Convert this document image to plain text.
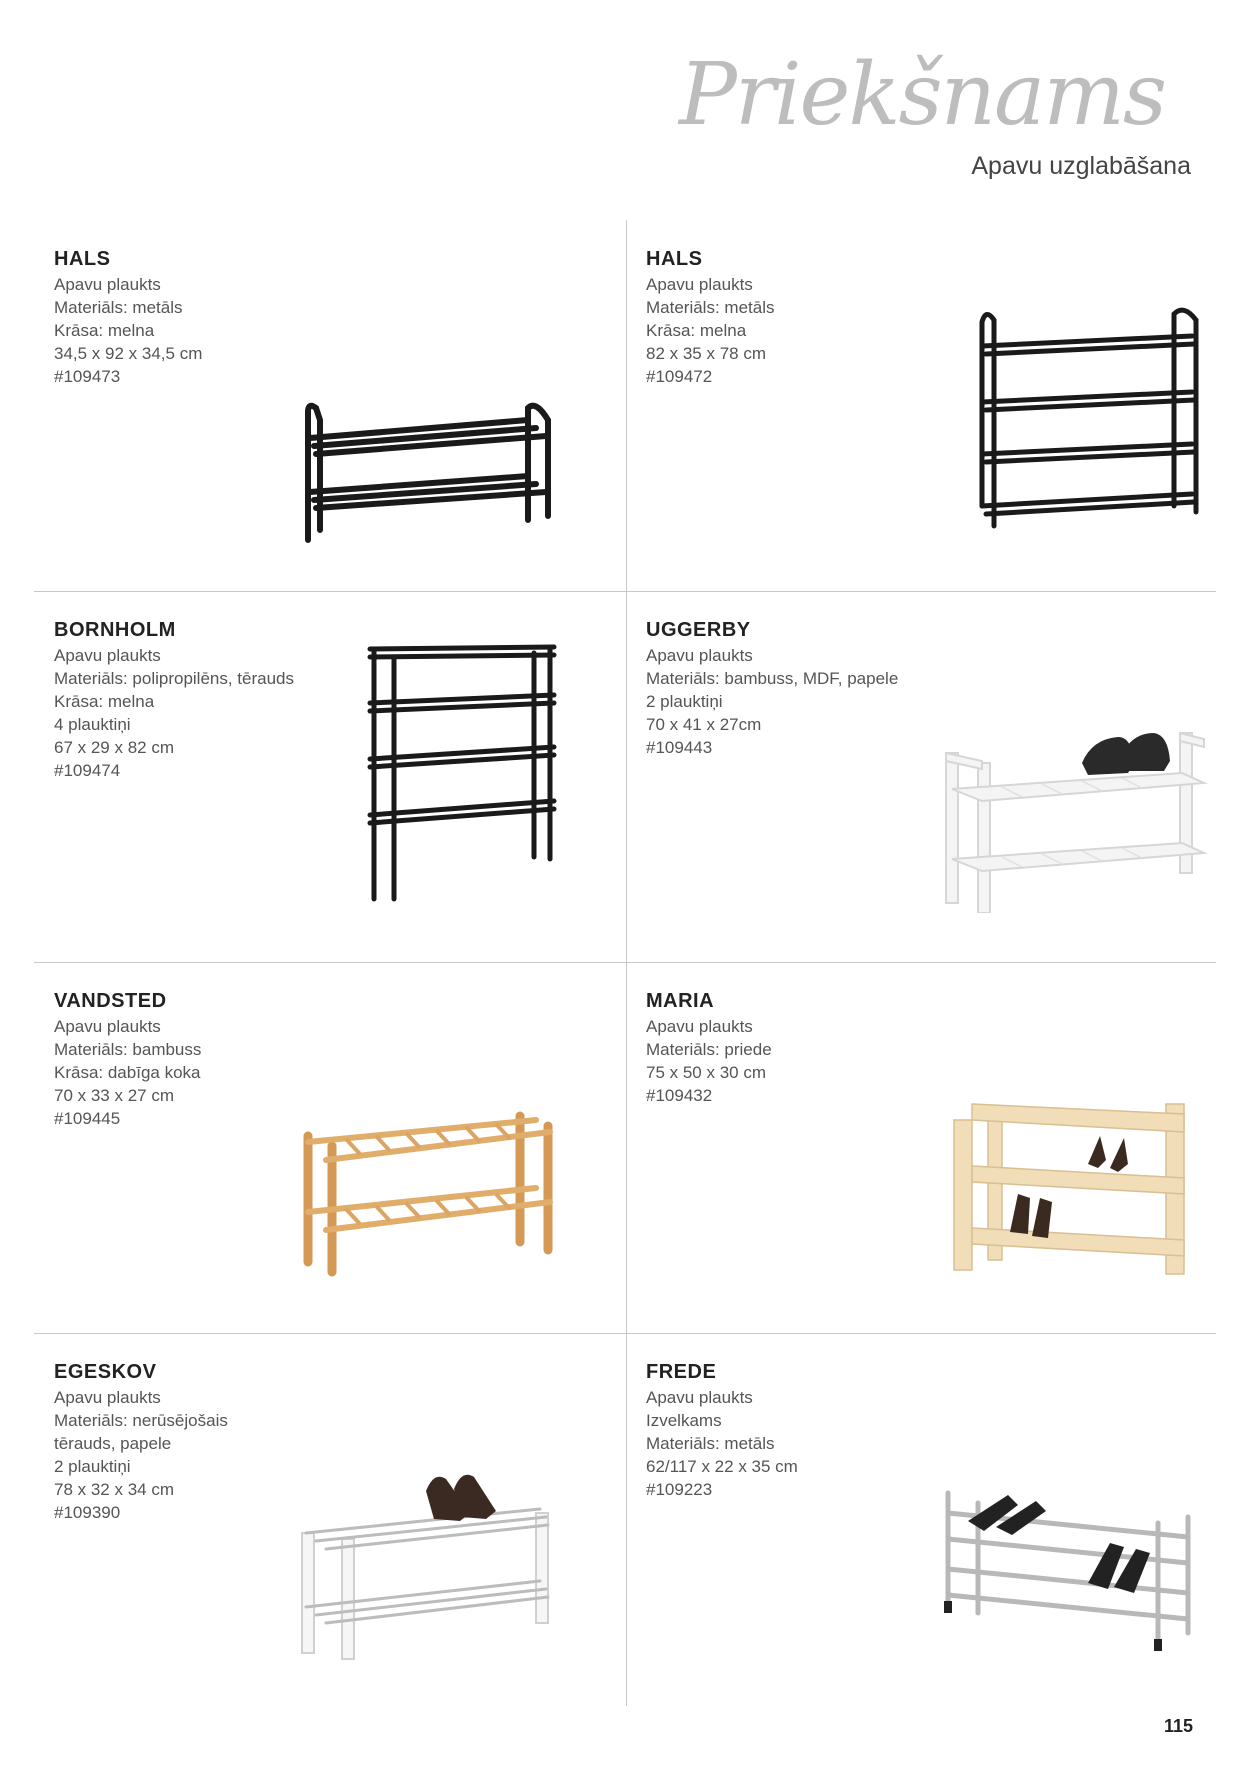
Priekšnams
Apavu uzglabāšana
HALS
Apavu plaukts
Materiāls: metāls
Krāsa: melna
34,5 x 92 x 34,5 cm
#109473
HALS
Apavu plaukts
Materiāls: metāls
Krāsa: melna
82 x 35 x 78 cm
#109472
BORNHOLM
Apavu plaukts
Materiāls: polipropilēns, tērauds
Krāsa: melna
4 plauktiņi
67 x 29 x 82 cm
#109474
UGGERBY
Apavu plaukts
Materiāls: bambuss, MDF, papele
2 plauktiņi
70 x 41 x 27cm
#109443
VANDSTED
Apavu plaukts
Materiāls: bambuss
Krāsa: dabīga koka
70 x 33 x 27 cm
#109445
MARIA
Apavu plaukts
Materiāls: priede
75 x 50 x 30 cm
#109432
EGESKOV
Apavu plaukts
Materiāls: nerūsējošais
tērauds, papele
2 plauktiņi
78 x 32 x 34 cm
#109390
FREDE
Apavu plaukts
Izvelkams
Materiāls: metāls
62/117 x 22 x 35 cm
#109223
115
